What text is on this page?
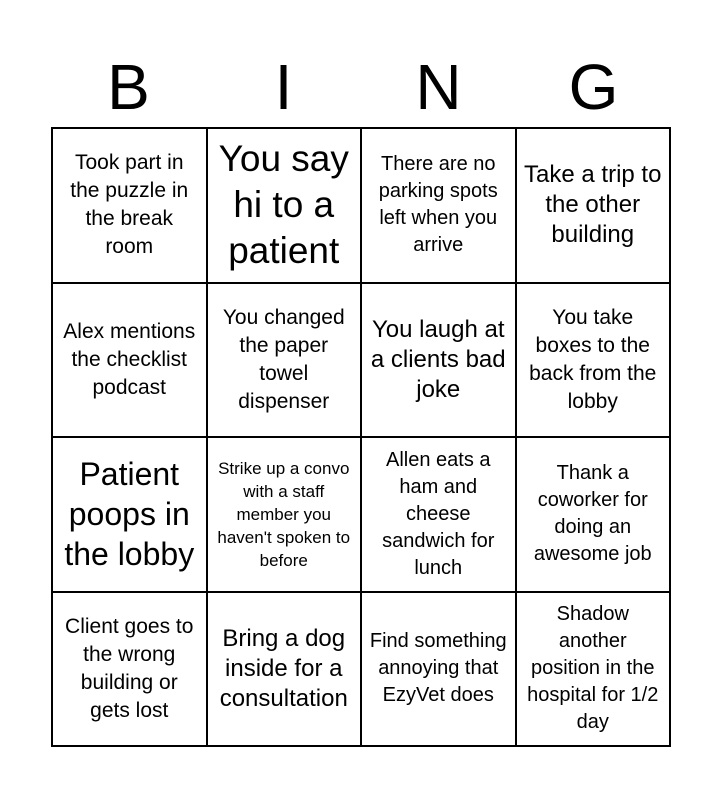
B	I	N	G
Took part in the puzzle in the break room
You say hi to a patient
There are no parking spots left when you arrive
Take a trip to the other building
Alex mentions the checklist podcast
You changed the paper towel dispenser
You laugh at a clients bad joke
You take boxes to the back from the lobby
Patient poops in the lobby
Strike up a convo with a staff member you haven't spoken to before
Allen eats a ham and cheese sandwich for lunch
Thank a coworker for doing an awesome job
Client goes to the wrong building or gets lost
Bring a dog inside for a consultation
Find something annoying that EzyVet does
Shadow another position in the hospital for 1/2 day
